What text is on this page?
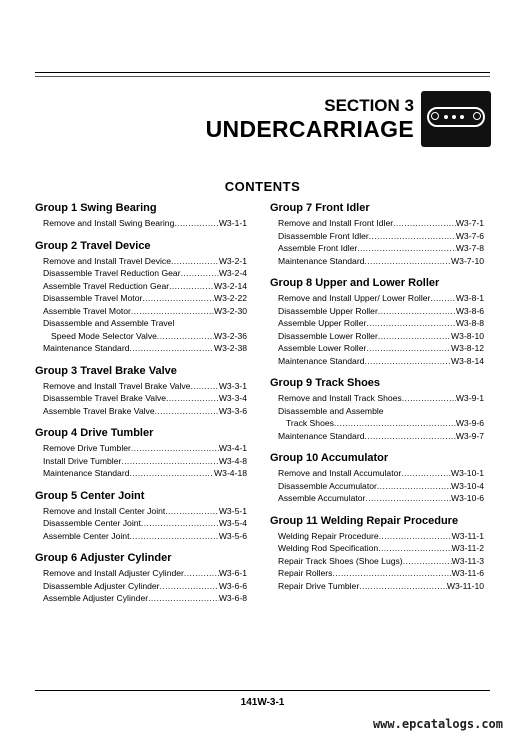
SECTION 3
UNDERCARRIAGE
CONTENTS
Group 1 Swing Bearing
Remove and Install Swing Bearing .....	W3-1-1
Group 2 Travel Device
Remove and Install Travel Device .....	W3-2-1
Disassemble Travel Reduction Gear .....	W3-2-4
Assemble Travel Reduction Gear .....	W3-2-14
Disassemble Travel Motor .....	W3-2-22
Assemble Travel Motor .....	W3-2-30
Disassemble and Assemble Travel
Speed Mode Selector Valve .....	W3-2-36
Maintenance Standard .....	W3-2-38
Group 3 Travel Brake Valve
Remove and Install Travel Brake Valve .....	W3-3-1
Disassemble Travel Brake Valve .....	W3-3-4
Assemble Travel Brake Valve .....	W3-3-6
Group 4 Drive Tumbler
Remove Drive Tumbler .....	W3-4-1
Install Drive Tumbler .....	W3-4-8
Maintenance Standard .....	W3-4-18
Group 5 Center Joint
Remove and Install Center Joint .....	W3-5-1
Disassemble Center Joint .....	W3-5-4
Assemble Center Joint .....	W3-5-6
Group 6 Adjuster Cylinder
Remove and Install Adjuster Cylinder .....	W3-6-1
Disassemble Adjuster Cylinder .....	W3-6-6
Assemble Adjuster Cylinder .....	W3-6-8
Group 7 Front Idler
Remove and Install Front Idler .....	W3-7-1
Disassemble Front Idler .....	W3-7-6
Assemble Front Idler .....	W3-7-8
Maintenance Standard .....	W3-7-10
Group 8 Upper and Lower Roller
Remove and Install Upper/ Lower Roller .....	W3-8-1
Disassemble Upper Roller .....	W3-8-6
Assemble Upper Roller .....	W3-8-8
Disassemble Lower Roller .....	W3-8-10
Assemble Lower Roller .....	W3-8-12
Maintenance Standard .....	W3-8-14
Group 9 Track Shoes
Remove and Install Track Shoes .....	W3-9-1
Disassemble and Assemble
Track Shoes .....	W3-9-6
Maintenance Standard .....	W3-9-7
Group 10 Accumulator
Remove and Install Accumulator .....	W3-10-1
Disassemble Accumulator .....	W3-10-4
Assemble Accumulator .....	W3-10-6
Group 11 Welding Repair Procedure
Welding Repair Procedure .....	W3-11-1
Welding Rod Specification .....	W3-11-2
Repair Track Shoes (Shoe Lugs) .....	W3-11-3
Repair Rollers .....	W3-11-6
Repair Drive Tumbler .....	W3-11-10
141W-3-1
www.epcatalogs.com
